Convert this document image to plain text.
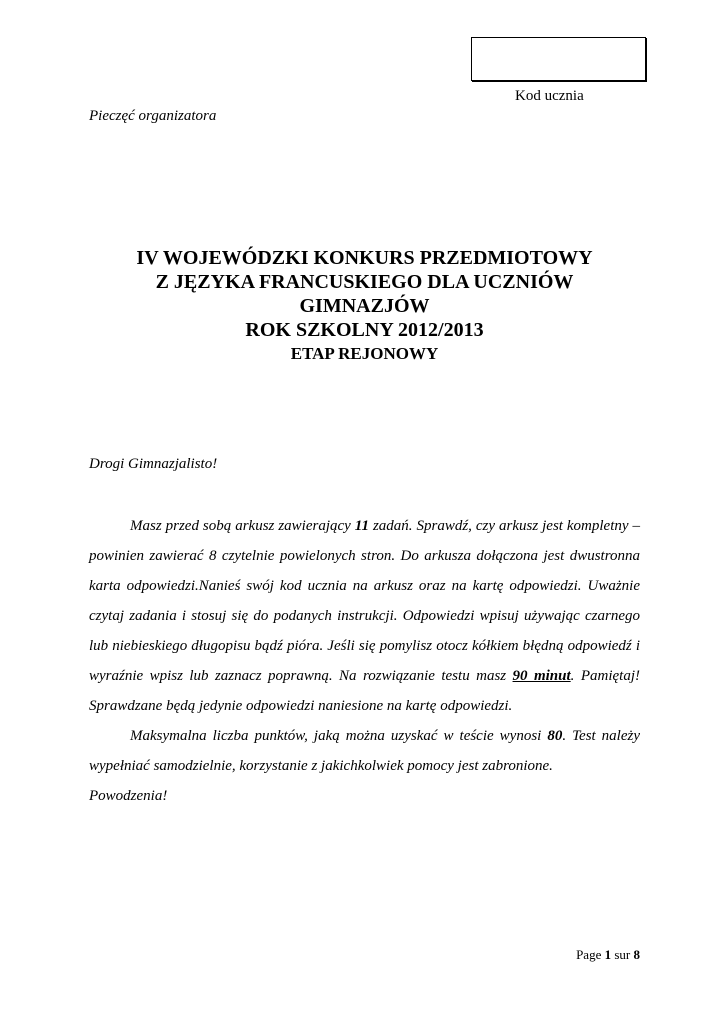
Kod ucznia
Pieczęć organizatora
IV WOJEWÓDZKI KONKURS PRZEDMIOTOWY
Z JĘZYKA FRANCUSKIEGO DLA UCZNIÓW
GIMNAZJÓW
ROK SZKOLNY 2012/2013
ETAP REJONOWY
Drogi Gimnazjalisto!

Masz przed sobą arkusz zawierający 11 zadań. Sprawdź, czy arkusz jest kompletny – powinien zawierać 8 czytelnie powielonych stron. Do arkusza dołączona jest dwustronna karta odpowiedzi.Nanieś swój kod ucznia na arkusz oraz na kartę odpowiedzi. Uważnie czytaj zadania i stosuj się do podanych instrukcji. Odpowiedzi wpisuj używając czarnego lub niebieskiego długopisu bądź pióra. Jeśli się pomylisz otocz kółkiem błędną odpowiedź i wyraźnie wpisz lub zaznacz poprawną. Na rozwiązanie testu masz 90 minut. Pamiętaj! Sprawdzane będą jedynie odpowiedzi naniesione na kartę odpowiedzi.

Maksymalna liczba punktów, jaką można uzyskać w teście wynosi 80. Test należy wypełniać samodzielnie, korzystanie z jakichkolwiek pomocy jest zabronione.

Powodzenia!

Page 1 sur 8
